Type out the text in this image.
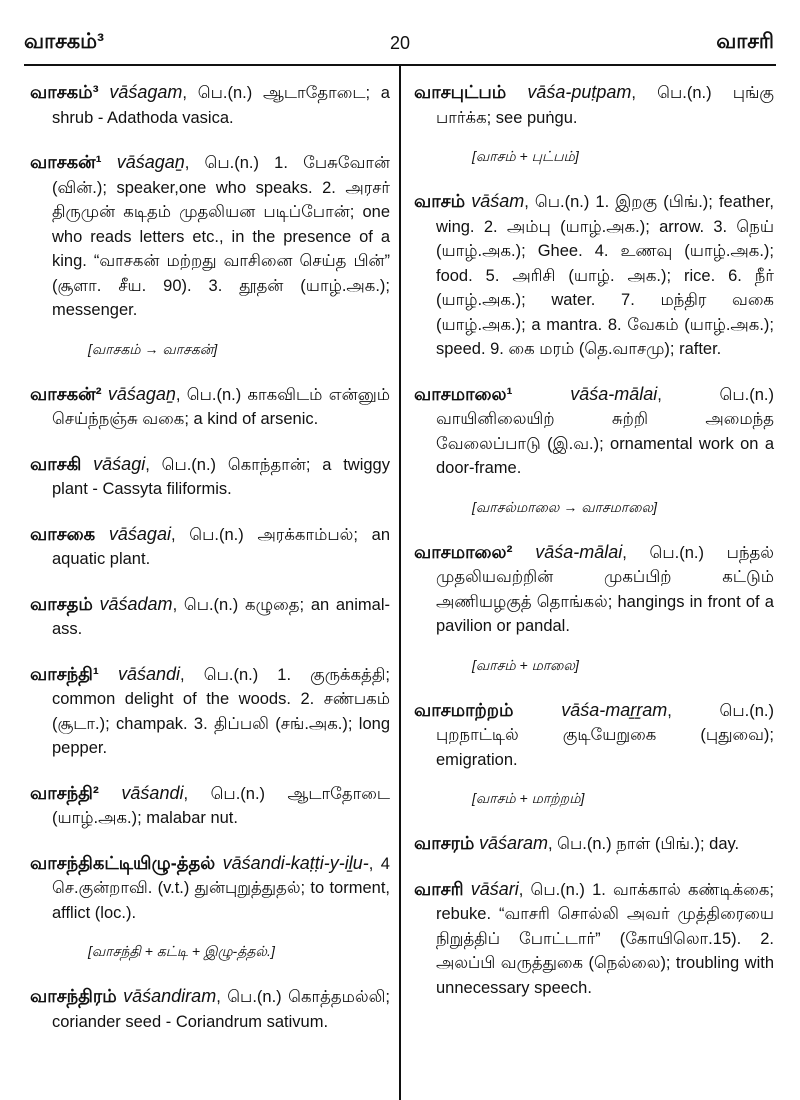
வாசகம்³	20	வாசரி
வாசகம்³ vāśagam, பெ.(n.) ஆடாதோடை; a shrub - Adathoda vasica.
வாசகன்¹ vāśagaṉ, பெ.(n.) 1. பேசுவோன் (வின்.); speaker,one who speaks. 2. அரசர் திருமுன் கடிதம் முதலியன படிப்போன்; one who reads letters etc., in the presence of a king. “வாசகன் மற்றது வாசினை செய்த பின்” (சூளா. சீய. 90). 3. தூதன் (யாழ்.அக.); messenger.
[வாசகம் → வாசகன்]
வாசகன்² vāśagaṉ, பெ.(n.) காகவிடம் என்னும் செய்ந்நஞ்சு வகை; a kind of arsenic.
வாசகி vāśagi, பெ.(n.) கொந்தான்; a twiggy plant - Cassyta filiformis.
வாசகை vāśagai, பெ.(n.) அரக்காம்பல்; an aquatic plant.
வாசதம் vāśadam, பெ.(n.) கழுதை; an animal-ass.
வாசந்தி¹ vāśandi, பெ.(n.) 1. குருக்கத்தி; common delight of the woods. 2. சண்பகம் (சூடா.); champak. 3. திப்பலி (சங்.அக.); long pepper.
வாசந்தி² vāśandi, பெ.(n.) ஆடாதோடை (யாழ்.அக.); malabar nut.
வாசந்திகட்டியிழு-த்தல் vāśandi-kaṭṭi-y-iḻu-, 4 செ.குன்றாவி. (v.t.) துன்புறுத்துதல்; to torment, afflict (loc.).
[வாசந்தி + கட்டி + இழு-த்தல்.]
வாசந்திரம் vāśandiram, பெ.(n.) கொத்தமல்லி; coriander seed - Coriandrum sativum.
வாசபுட்பம் vāśa-puṭpam, பெ.(n.) புங்கு பார்க்க; see puṅgu.
[வாசம் + புட்பம்]
வாசம் vāśam, பெ.(n.) 1. இறகு (பிங்.); feather, wing. 2. அம்பு (யாழ்.அக.); arrow. 3. நெய் (யாழ்.அக.); Ghee. 4. உணவு (யாழ்.அக.); food. 5. அரிசி (யாழ். அக.); rice. 6. நீர் (யாழ்.அக.); water. 7. மந்திர வகை (யாழ்.அக.); a mantra. 8. வேகம் (யாழ்.அக.); speed. 9. கை மரம் (தெ.வாசமு); rafter.
வாசமாலை¹	vāśa-mālai, பெ.(n.) வாயினிலையிற் சுற்றி அமைந்த வேலைப்பாடு (இ.வ.); ornamental work on a door-frame.
[வாசல்மாலை → வாசமாலை]
வாசமாலை² vāśa-mālai, பெ.(n.) பந்தல் முதலியவற்றின் முகப்பிற் கட்டும் அணியழகுத் தொங்கல்; hangings in front of a pavilion or pandal.
[வாசம் + மாலை]
வாசமாற்றம்	vāśa-maṟṟam, பெ.(n.) புறநாட்டில் குடியேறுகை (புதுவை); emigration.
[வாசம் + மாற்றம்]
வாசரம் vāśaram, பெ.(n.) நாள் (பிங்.); day.
வாசரி vāśari, பெ.(n.) 1. வாக்கால் கண்டிக்கை; rebuke. “வாசரி சொல்லி அவர் முத்திரையை நிறுத்திப் போட்டார்” (கோயிலொ.15). 2. அலப்பி வருத்துகை (நெல்லை); troubling with unnecessary speech.
